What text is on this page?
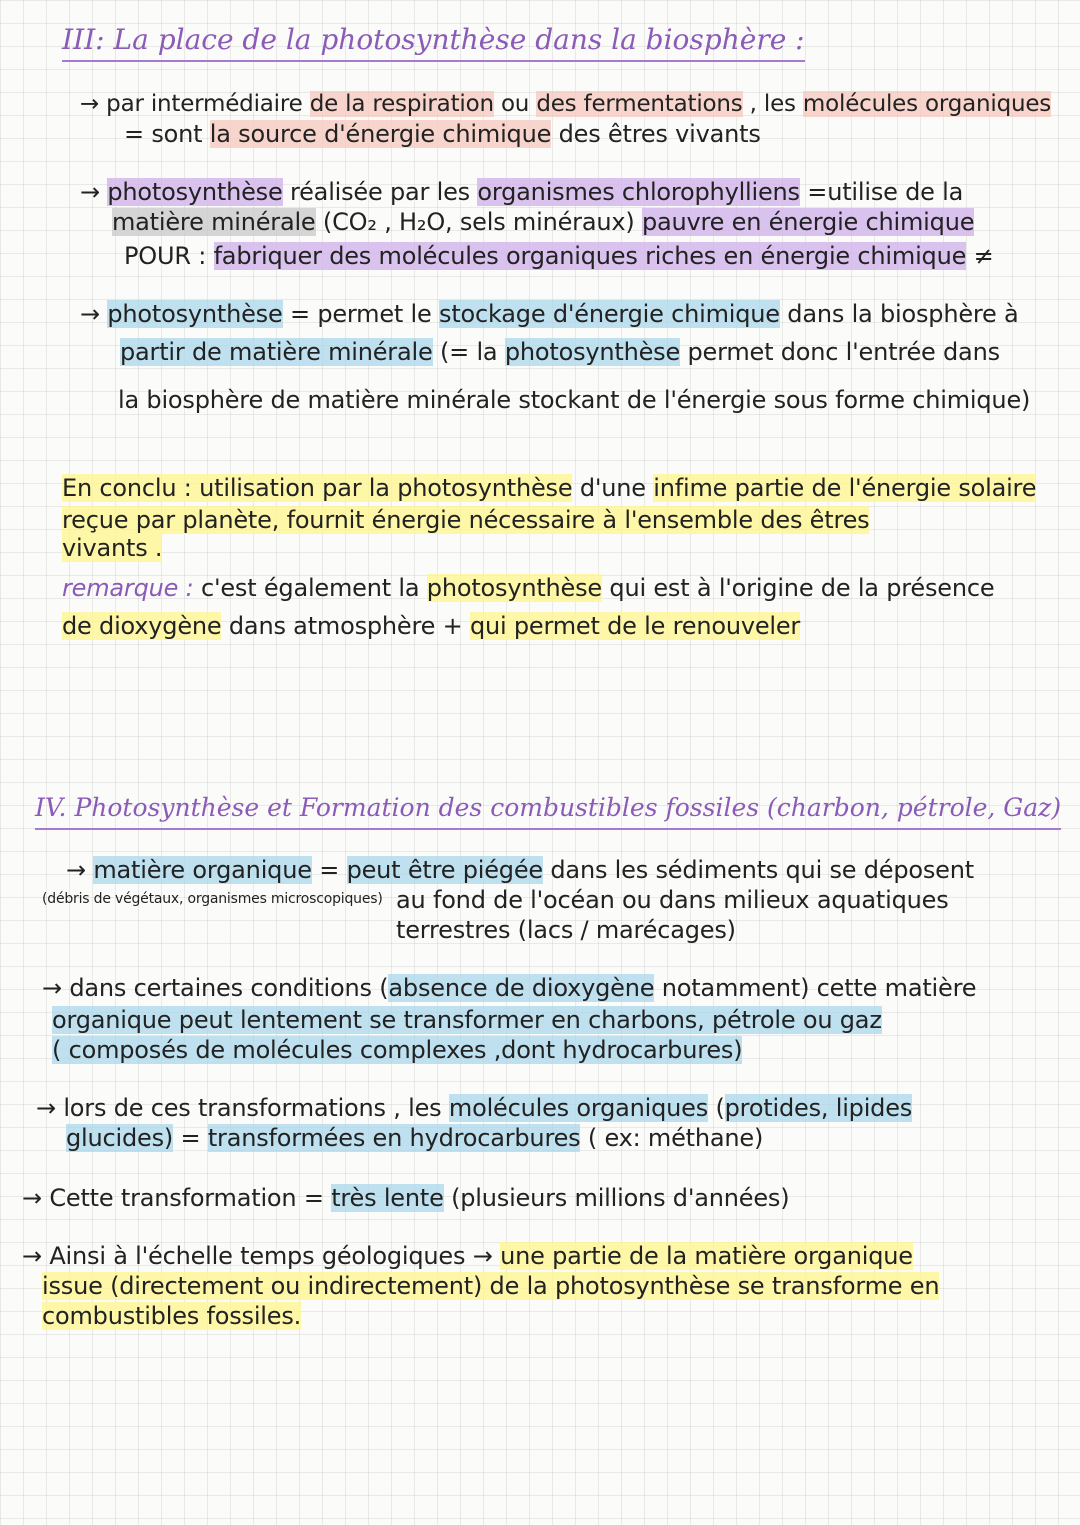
III: La place de la photosynthèse dans la biosphère :
→ par intermédiaire de la respiration ou des fermentations , les molécules organiques
= sont la source d'énergie chimique des êtres vivants
→ photosynthèse réalisée par les organismes chlorophylliens =utilise de la
matière minérale (CO₂ , H₂O, sels minéraux) pauvre en énergie chimique
POUR : fabriquer des molécules organiques riches en énergie chimique ≠
→ photosynthèse = permet le stockage d'énergie chimique dans la biosphère à
partir de matière minérale (= la photosynthèse permet donc l'entrée dans
la biosphère de matière minérale stockant de l'énergie sous forme chimique)
En conclu : utilisation par la photosynthèse d'une infime partie de l'énergie solaire
reçue par planète, fournit énergie nécessaire à l'ensemble des êtres
vivants .
remarque : c'est également la photosynthèse qui est à l'origine de la présence
de dioxygène dans atmosphère + qui permet de le renouveler
IV. Photosynthèse et Formation des combustibles fossiles (charbon, pétrole, Gaz)
→ matière organique = peut être piégée dans les sédiments qui se déposent
(débris de végétaux, organismes microscopiques) au fond de l'océan ou dans milieux aquatiques
terrestres (lacs / marécages)
→ dans certaines conditions (absence de dioxygène notamment) cette matière
organique peut lentement se transformer en charbons, pétrole ou gaz
( composés de molécules complexes ,dont hydrocarbures)
→ lors de ces transformations , les molécules organiques (protides, lipides
glucides) = transformées en hydrocarbures ( ex: méthane)
→ Cette transformation = très lente (plusieurs millions d'années)
→ Ainsi à l'échelle temps géologiques → une partie de la matière organique
issue (directement ou indirectement) de la photosynthèse se transforme en
combustibles fossiles.
